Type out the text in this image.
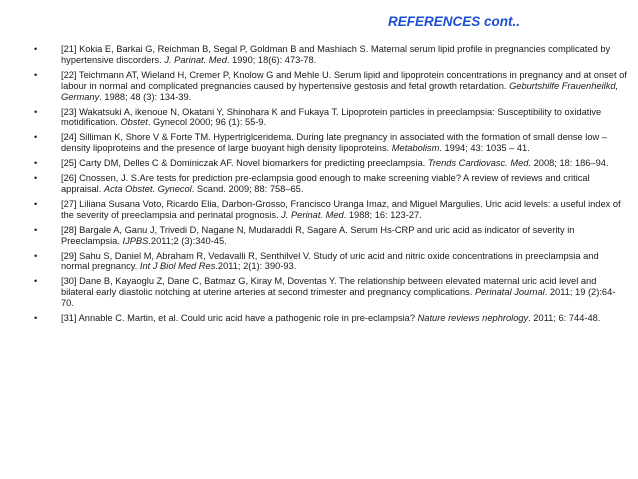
REFERENCES cont..
•	[21] Kokia E, Barkai G, Reichman B, Segal P, Goldman B and Mashiach S. Maternal serum lipid profile in pregnancies complicated by hypertensive discorders. J. Parinat. Med. 1990; 18(6): 473-78.
•	[22] Teichmann AT, Wieland H, Cremer P, Knolow G and Mehle U. Serum lipid and lipoprotein concentrations in pregnancy and at onset of labour in normal and complicated pregnancies caused by hypertensive gestosis and fetal growth retardation. Geburtshilfe Frauenheilkd, Germany. 1988; 48 (3): 134-39.
•	[23] Wakatsuki A, ikenoue N, Okatani Y, Shinohara K and Fukaya T. Lipoprotein particles in preeclampsia: Susceptibility to oxidative motidification. Obstet. Gynecol 2000; 96 (1): 55-9.
•	[24] Silliman K, Shore V & Forte TM. Hypertriglceridema. During late pregnancy in associated with the formation of small dense low – density lipoproteins and the presence of large buoyant high density lipoproteins. Metabolism. 1994; 43: 1035 – 41.
•	[25] Carty DM, Delles C & Dominiczak AF. Novel biomarkers for predicting preeclampsia. Trends Cardiovasc. Med. 2008; 18: 186–94.
•	[26] Cnossen, J. S.Are tests for prediction pre-eclampsia good enough to make screening viable? A review of reviews and critical appraisal. Acta Obstet. Gynecol. Scand. 2009; 88: 758–65.
•	[27] Liliana Susana Voto, Ricardo Elia, Darbon-Grosso, Francisco Uranga Imaz, and Miguel Margulies. Uric acid levels: a useful index of the severity of preeclampsia and perinatal prognosis. J. Perinat. Med. 1988; 16: 123-27.
•	[28] Bargale A, Ganu J, Trivedi D, Nagane N, Mudaraddi R, Sagare A. Serum Hs-CRP and uric acid as indicator of severity in Preeclampsia. IJPBS.2011;2 (3):340-45.
•	[29] Sahu S, Daniel M, Abraham R, Vedavalli R, Senthilvel V. Study of uric acid and nitric oxide concentrations in preeclampsia and normal pregnancy. Int J Biol Med Res.2011; 2(1): 390-93.
•	[30] Dane B, Kayaoglu Z, Dane C, Batmaz G, Kiray M, Doventas Y. The relationship between elevated maternal uric acid level and bilateral early diastolic notching at uterine arteries at second trimester and pregnancy complications. Perinatal Journal. 2011; 19 (2):64-70.
•	[31] Annable C. Martin, et al. Could uric acid have a pathogenic role in pre-eclampsia? Nature reviews nephrology. 2011; 6: 744-48.
